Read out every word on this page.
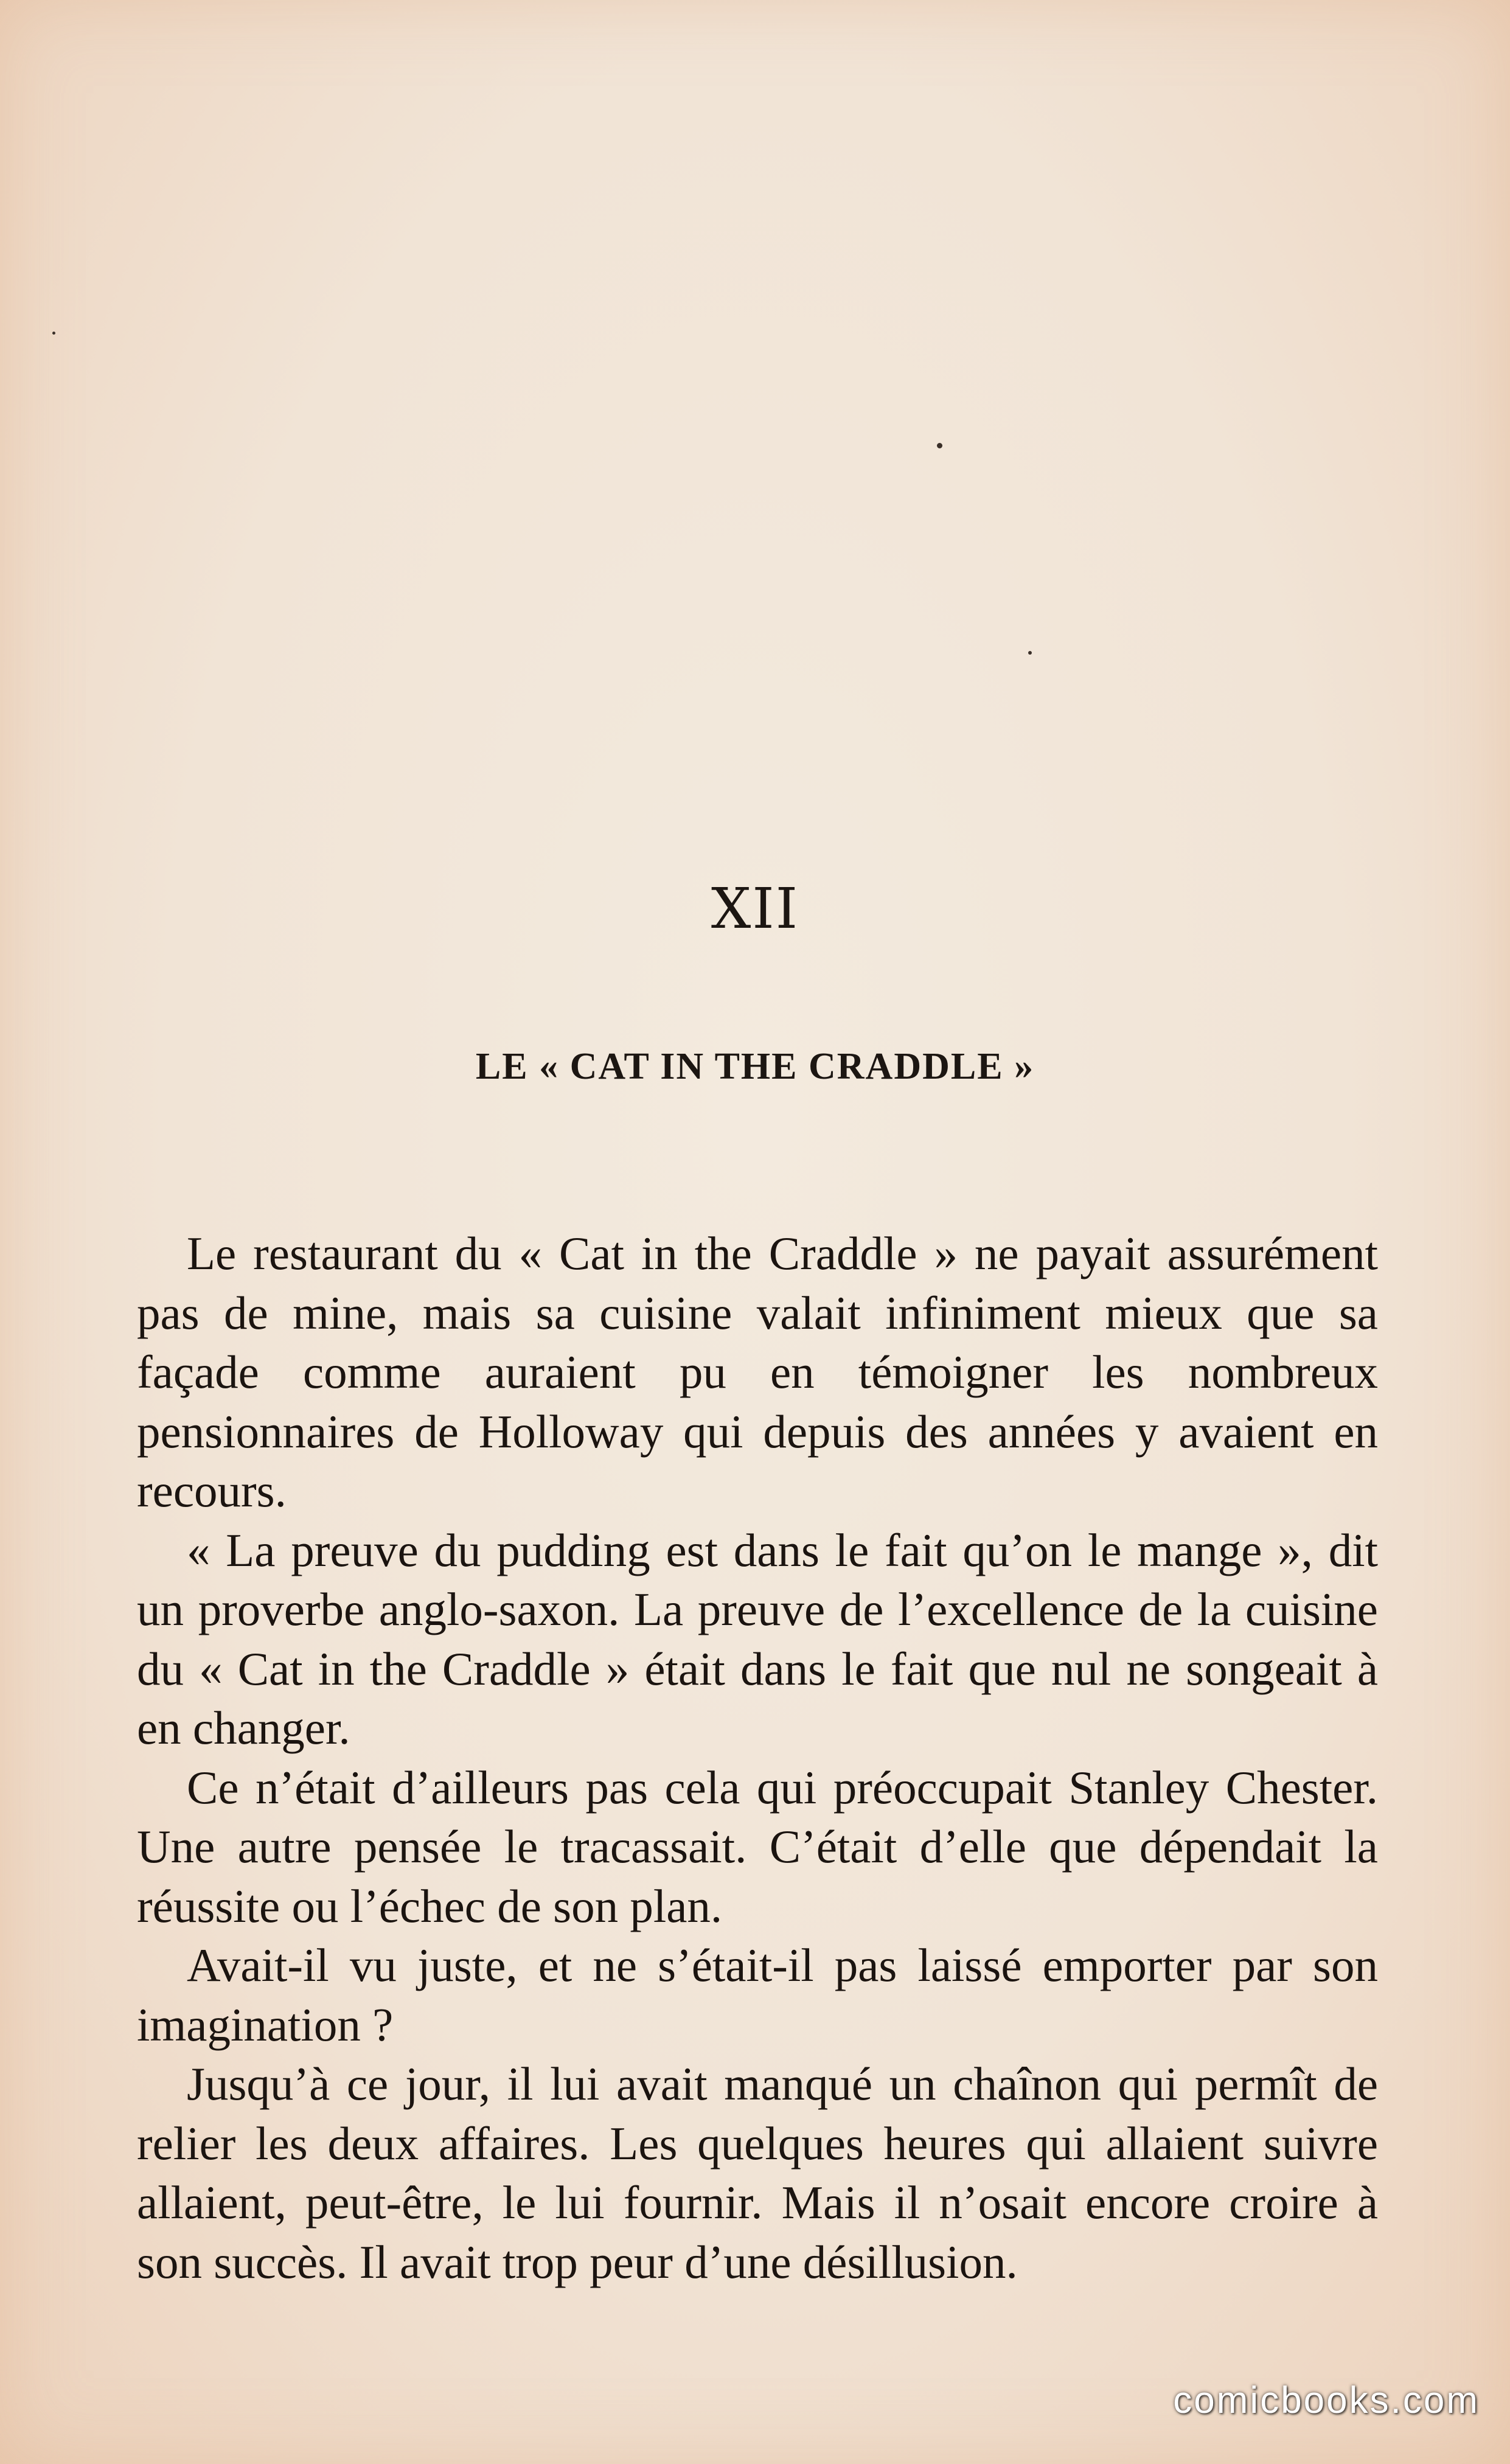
XII
LE « CAT IN THE CRADDLE »

Le restaurant du « Cat in the Craddle » ne payait assurément pas de mine, mais sa cuisine valait infiniment mieux que sa façade comme auraient pu en témoigner les nombreux pensionnaires de Holloway qui depuis des années y avaient en recours.

« La preuve du pudding est dans le fait qu’on le mange », dit un proverbe anglo-saxon. La preuve de l’excellence de la cuisine du « Cat in the Craddle » était dans le fait que nul ne songeait à en changer.

Ce n’était d’ailleurs pas cela qui préoccupait Stanley Chester. Une autre pensée le tracassait. C’était d’elle que dépendait la réussite ou l’échec de son plan.

Avait-il vu juste, et ne s’était-il pas laissé emporter par son imagination ?

Jusqu’à ce jour, il lui avait manqué un chaînon qui permît de relier les deux affaires. Les quelques heures qui allaient suivre allaient, peut-être, le lui fournir. Mais il n’osait encore croire à son succès. Il avait trop peur d’une désillusion.

comicbooks.com
